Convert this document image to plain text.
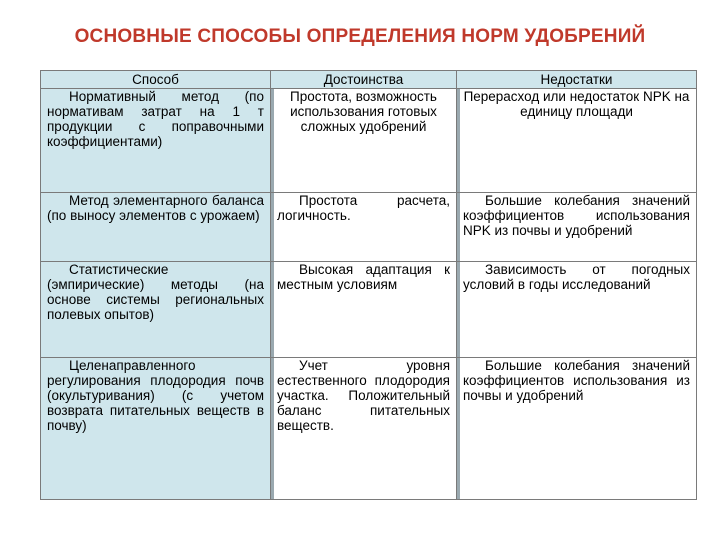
ОСНОВНЫЕ СПОСОБЫ ОПРЕДЕЛЕНИЯ НОРМ УДОБРЕНИЙ
Способ	Достоинства	Недостатки
Нормативный метод (по нормативам затрат на 1 т продукции с поправочными коэффициентами)	Простота, возможность использования готовых сложных удобрений	Перерасход или недостаток NPK на единицу площади
Метод элементарного баланса (по выносу элементов с урожаем)	Простота расчета, логичность.	Большие колебания значений коэффициентов использования NPK из почвы и удобрений
Статистические (эмпирические) методы (на основе системы региональных полевых опытов)	Высокая адаптация к местным условиям	Зависимость от погодных условий в годы исследований
Целенаправленного регулирования плодородия почв (окультуривания) (с учетом возврата питательных веществ в почву)	Учет уровня естественного плодородия участка. Положительный баланс питательных веществ.	Большие колебания значений коэффициентов использования из почвы и удобрений
